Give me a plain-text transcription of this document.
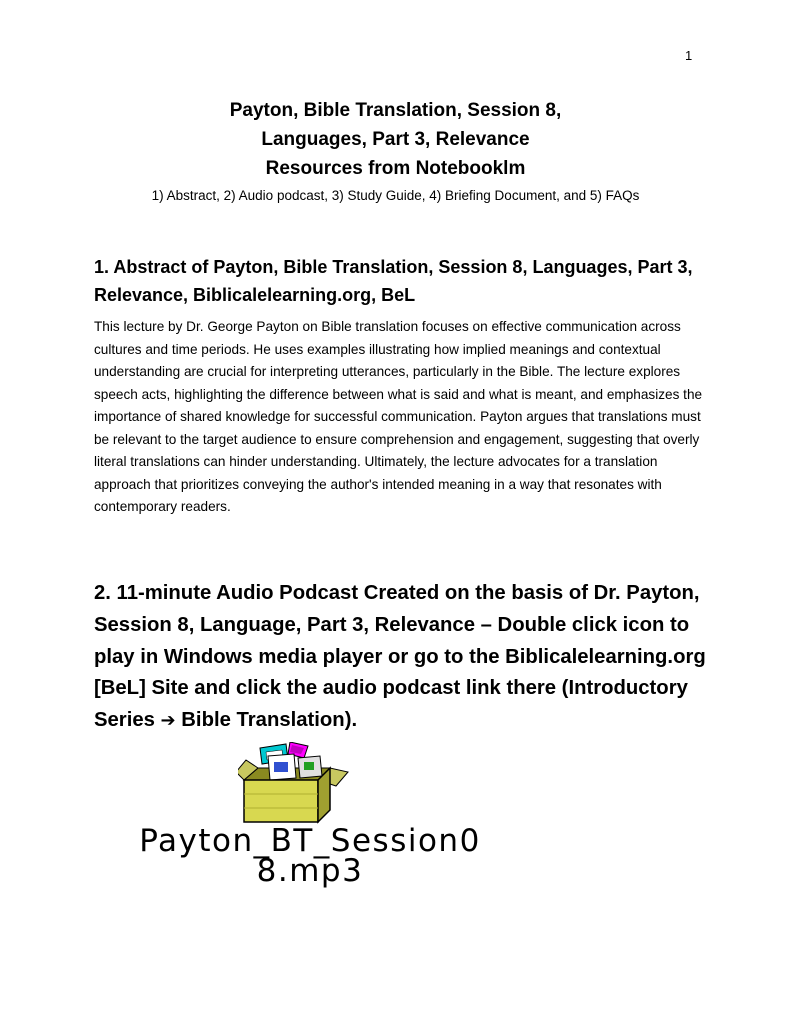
1
Payton, Bible Translation, Session 8,
Languages, Part 3, Relevance
Resources from Notebooklm
1) Abstract, 2) Audio podcast, 3) Study Guide, 4) Briefing Document, and 5) FAQs
1. Abstract of Payton, Bible Translation, Session 8, Languages, Part 3, Relevance, Biblicalelearning.org, BeL
This lecture by Dr. George Payton on Bible translation focuses on effective communication across cultures and time periods. He uses examples illustrating how implied meanings and contextual understanding are crucial for interpreting utterances, particularly in the Bible. The lecture explores speech acts, highlighting the difference between what is said and what is meant, and emphasizes the importance of shared knowledge for successful communication. Payton argues that translations must be relevant to the target audience to ensure comprehension and engagement, suggesting that overly literal translations can hinder understanding. Ultimately, the lecture advocates for a translation approach that prioritizes conveying the author's intended meaning in a way that resonates with contemporary readers.
2. 11-minute Audio Podcast Created on the basis of Dr. Payton, Session 8, Language, Part 3, Relevance – Double click icon to play in Windows media player or go to the Biblicalelearning.org [BeL] Site and click the audio podcast link there (Introductory Series ➔ Bible Translation).
Payton_BT_Session0
8.mp3
